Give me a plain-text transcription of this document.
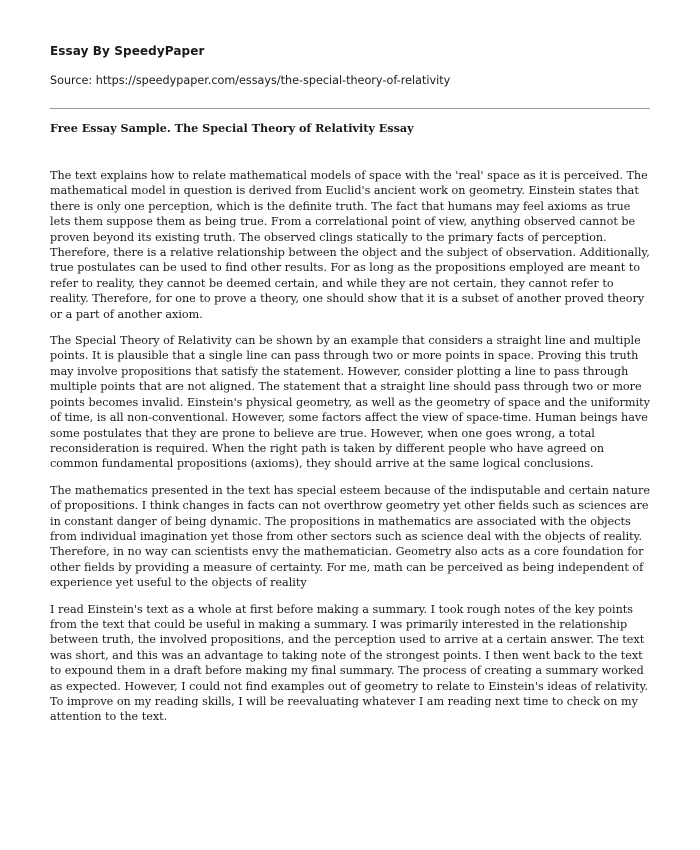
Essay By SpeedyPaper
Source: https://speedypaper.com/essays/the-special-theory-of-relativity
Free Essay Sample. The Special Theory of Relativity Essay

The text explains how to relate mathematical models of space with the 'real' space as it is perceived. The mathematical model in question is derived from Euclid's ancient work on geometry. Einstein states that there is only one perception, which is the definite truth. The fact that humans may feel axioms as true lets them suppose them as being true. From a correlational point of view, anything observed cannot be proven beyond its existing truth. The observed clings statically to the primary facts of perception. Therefore, there is a relative relationship between the object and the subject of observation. Additionally, true postulates can be used to find other results. For as long as the propositions employed are meant to refer to reality, they cannot be deemed certain, and while they are not certain, they cannot refer to reality. Therefore, for one to prove a theory, one should show that it is a subset of another proved theory or a part of another axiom.

The Special Theory of Relativity can be shown by an example that considers a straight line and multiple points. It is plausible that a single line can pass through two or more points in space. Proving this truth may involve propositions that satisfy the statement. However, consider plotting a line to pass through multiple points that are not aligned. The statement that a straight line should pass through two or more points becomes invalid. Einstein's physical geometry, as well as the geometry of space and the uniformity of time, is all non-conventional. However, some factors affect the view of space-time. Human beings have some postulates that they are prone to believe are true. However, when one goes wrong, a total reconsideration is required. When the right path is taken by different people who have agreed on common fundamental propositions (axioms), they should arrive at the same logical conclusions.

The mathematics presented in the text has special esteem because of the indisputable and certain nature of propositions. I think changes in facts can not overthrow geometry yet other fields such as sciences are in constant danger of being dynamic. The propositions in mathematics are associated with the objects from individual imagination yet those from other sectors such as science deal with the objects of reality. Therefore, in no way can scientists envy the mathematician. Geometry also acts as a core foundation for other fields by providing a measure of certainty. For me, math can be perceived as being independent of experience yet useful to the objects of reality

I read Einstein's text as a whole at first before making a summary. I took rough notes of the key points from the text that could be useful in making a summary. I was primarily interested in the relationship between truth, the involved propositions, and the perception used to arrive at a certain answer. The text was short, and this was an advantage to taking note of the strongest points. I then went back to the text to expound them in a draft before making my final summary. The process of creating a summary worked as expected. However, I could not find examples out of geometry to relate to Einstein's ideas of relativity. To improve on my reading skills, I will be reevaluating whatever I am reading next time to check on my attention to the text.
